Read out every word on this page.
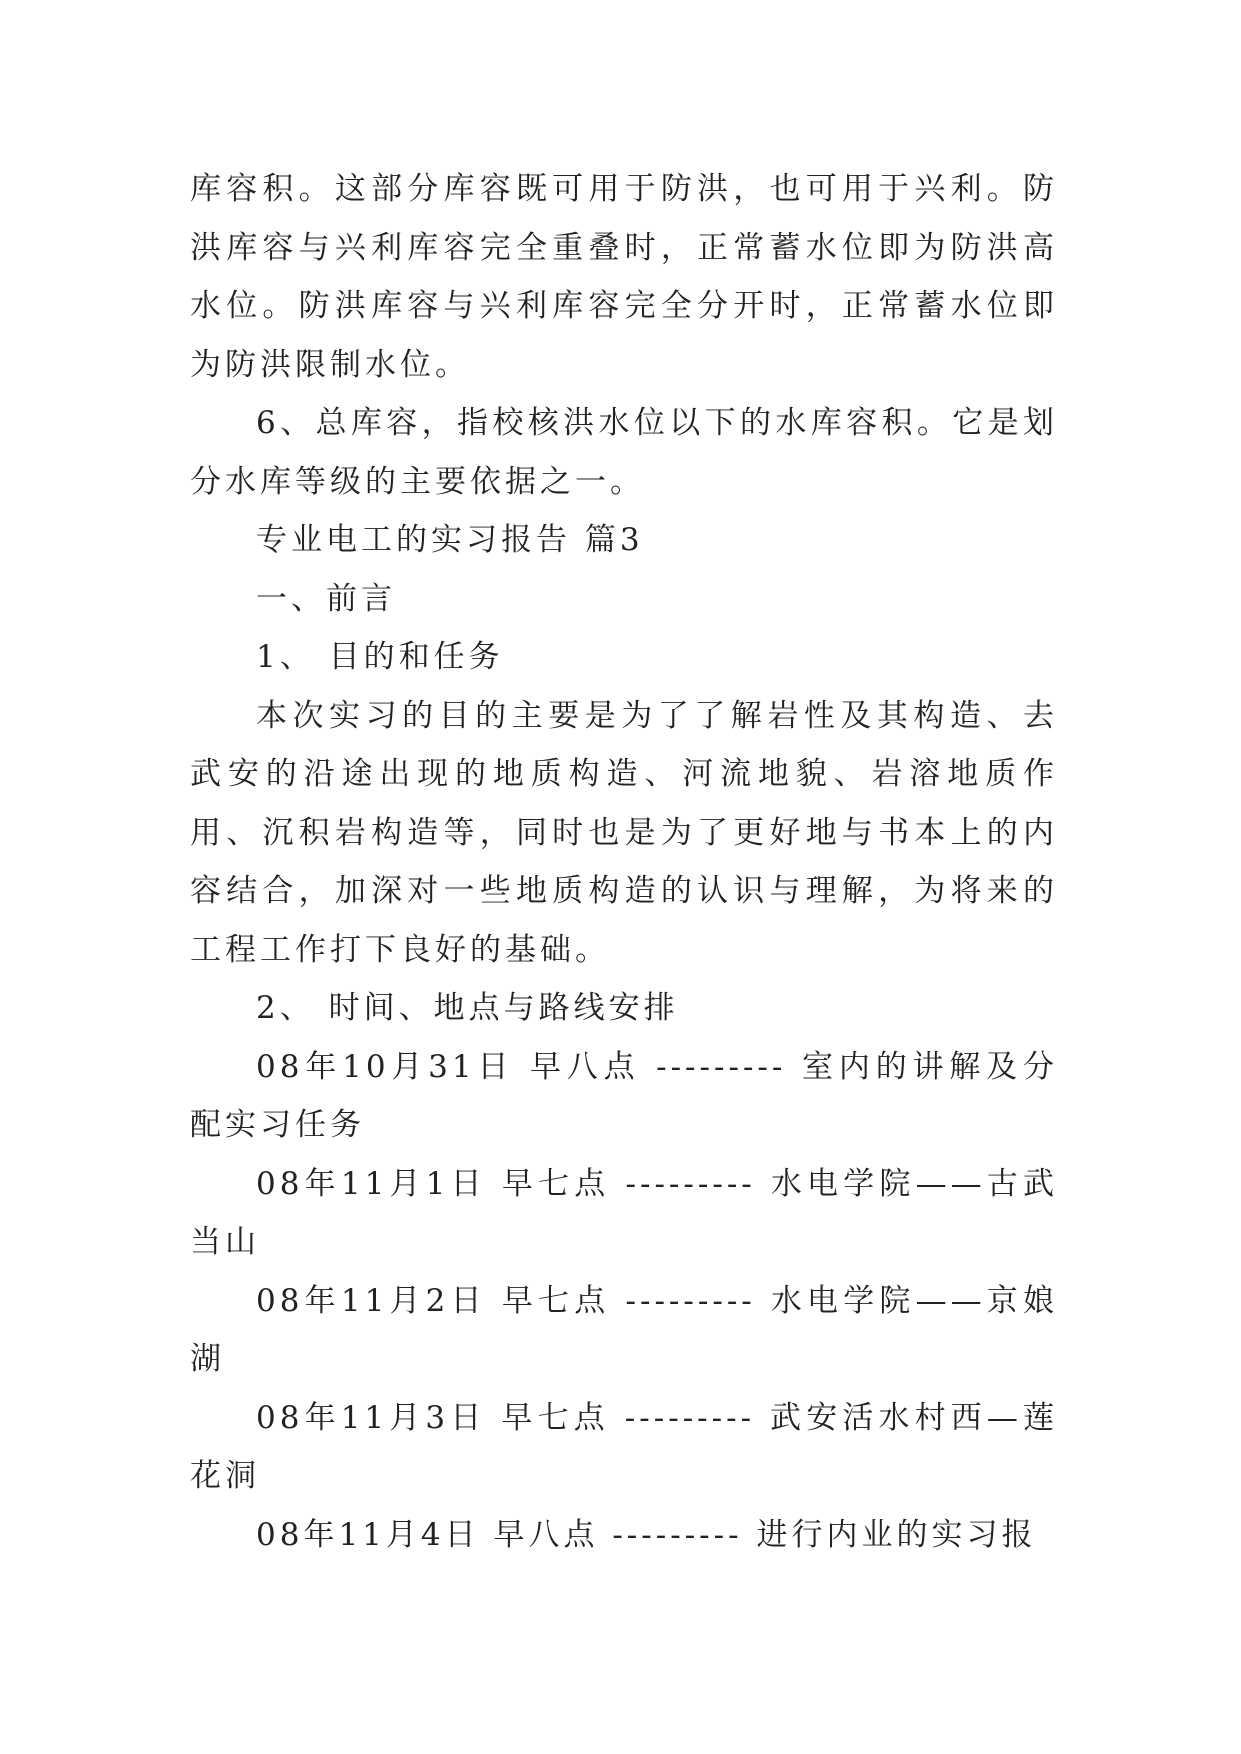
库容积。这部分库容既可用于防洪，也可用于兴利。防洪库容与兴利库容完全重叠时，正常蓄水位即为防洪高水位。防洪库容与兴利库容完全分开时，正常蓄水位即为防洪限制水位。

6、总库容，指校核洪水位以下的水库容积。它是划分水库等级的主要依据之一。

专业电工的实习报告 篇3

一、前言

1、 目的和任务

本次实习的目的主要是为了了解岩性及其构造、去武安的沿途出现的地质构造、河流地貌、岩溶地质作用、沉积岩构造等，同时也是为了更好地与书本上的内容结合，加深对一些地质构造的认识与理解，为将来的工程工作打下良好的基础。

2、 时间、地点与路线安排

08年10月31日 早八点 --------- 室内的讲解及分配实习任务

08年11月1日 早七点 --------- 水电学院——古武当山

08年11月2日 早七点 --------- 水电学院——京娘湖

08年11月3日 早七点 --------- 武安活水村西—莲花洞

08年11月4日 早八点 --------- 进行内业的实习报
